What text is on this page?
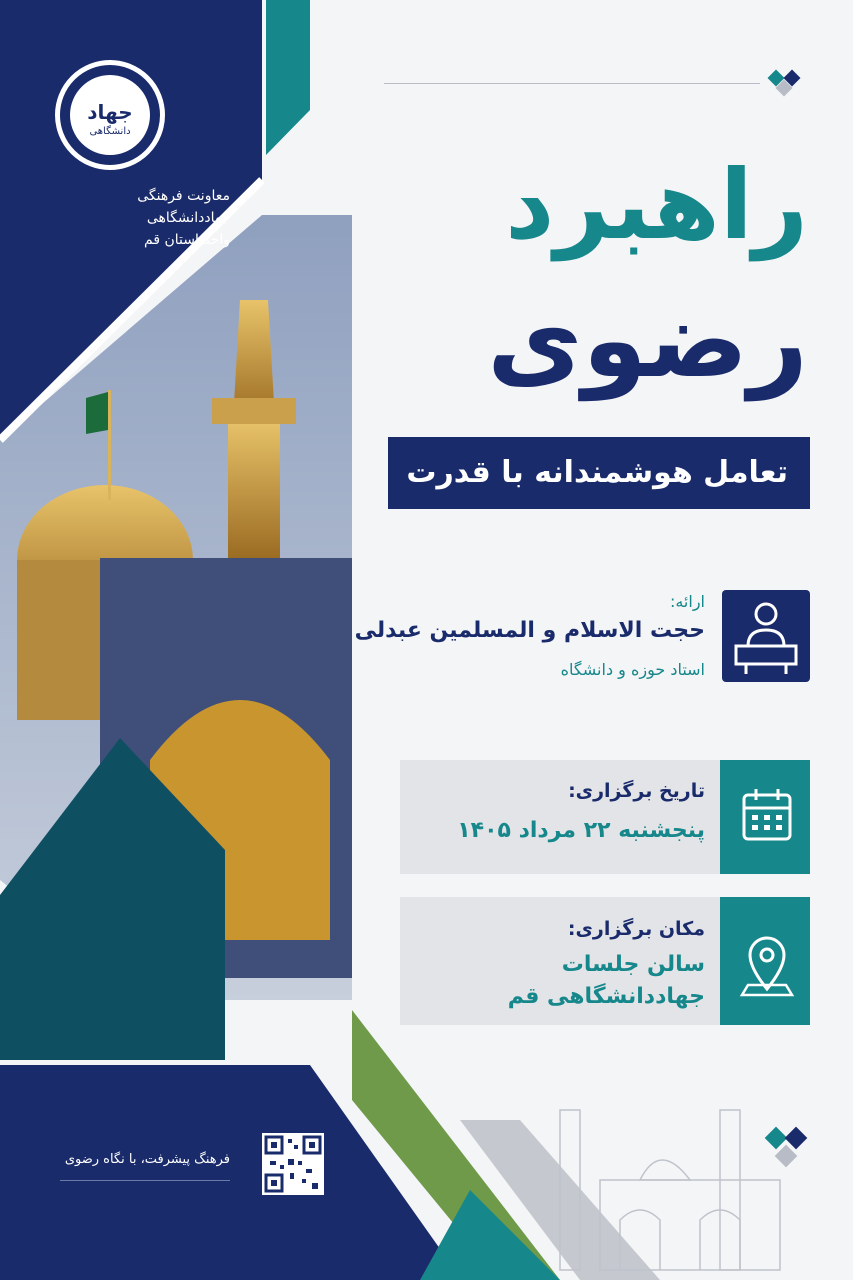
جهاد
دانشگاهی
معاونت فرهنگی
جهاددانشگاهی
واحد استان قم	راهبرد
رضوی
تعامل هوشمندانه با قدرت
ارائه:
حجت الاسلام و المسلمین عبدلی
استاد حوزه و دانشگاه
تاریخ برگزاری:
پنجشنبه ۲۲ مرداد ۱۴۰۵
مکان برگزاری:
سالن جلسات
جهاددانشگاهی قم
فرهنگ پیشرفت، با نگاه رضوی
